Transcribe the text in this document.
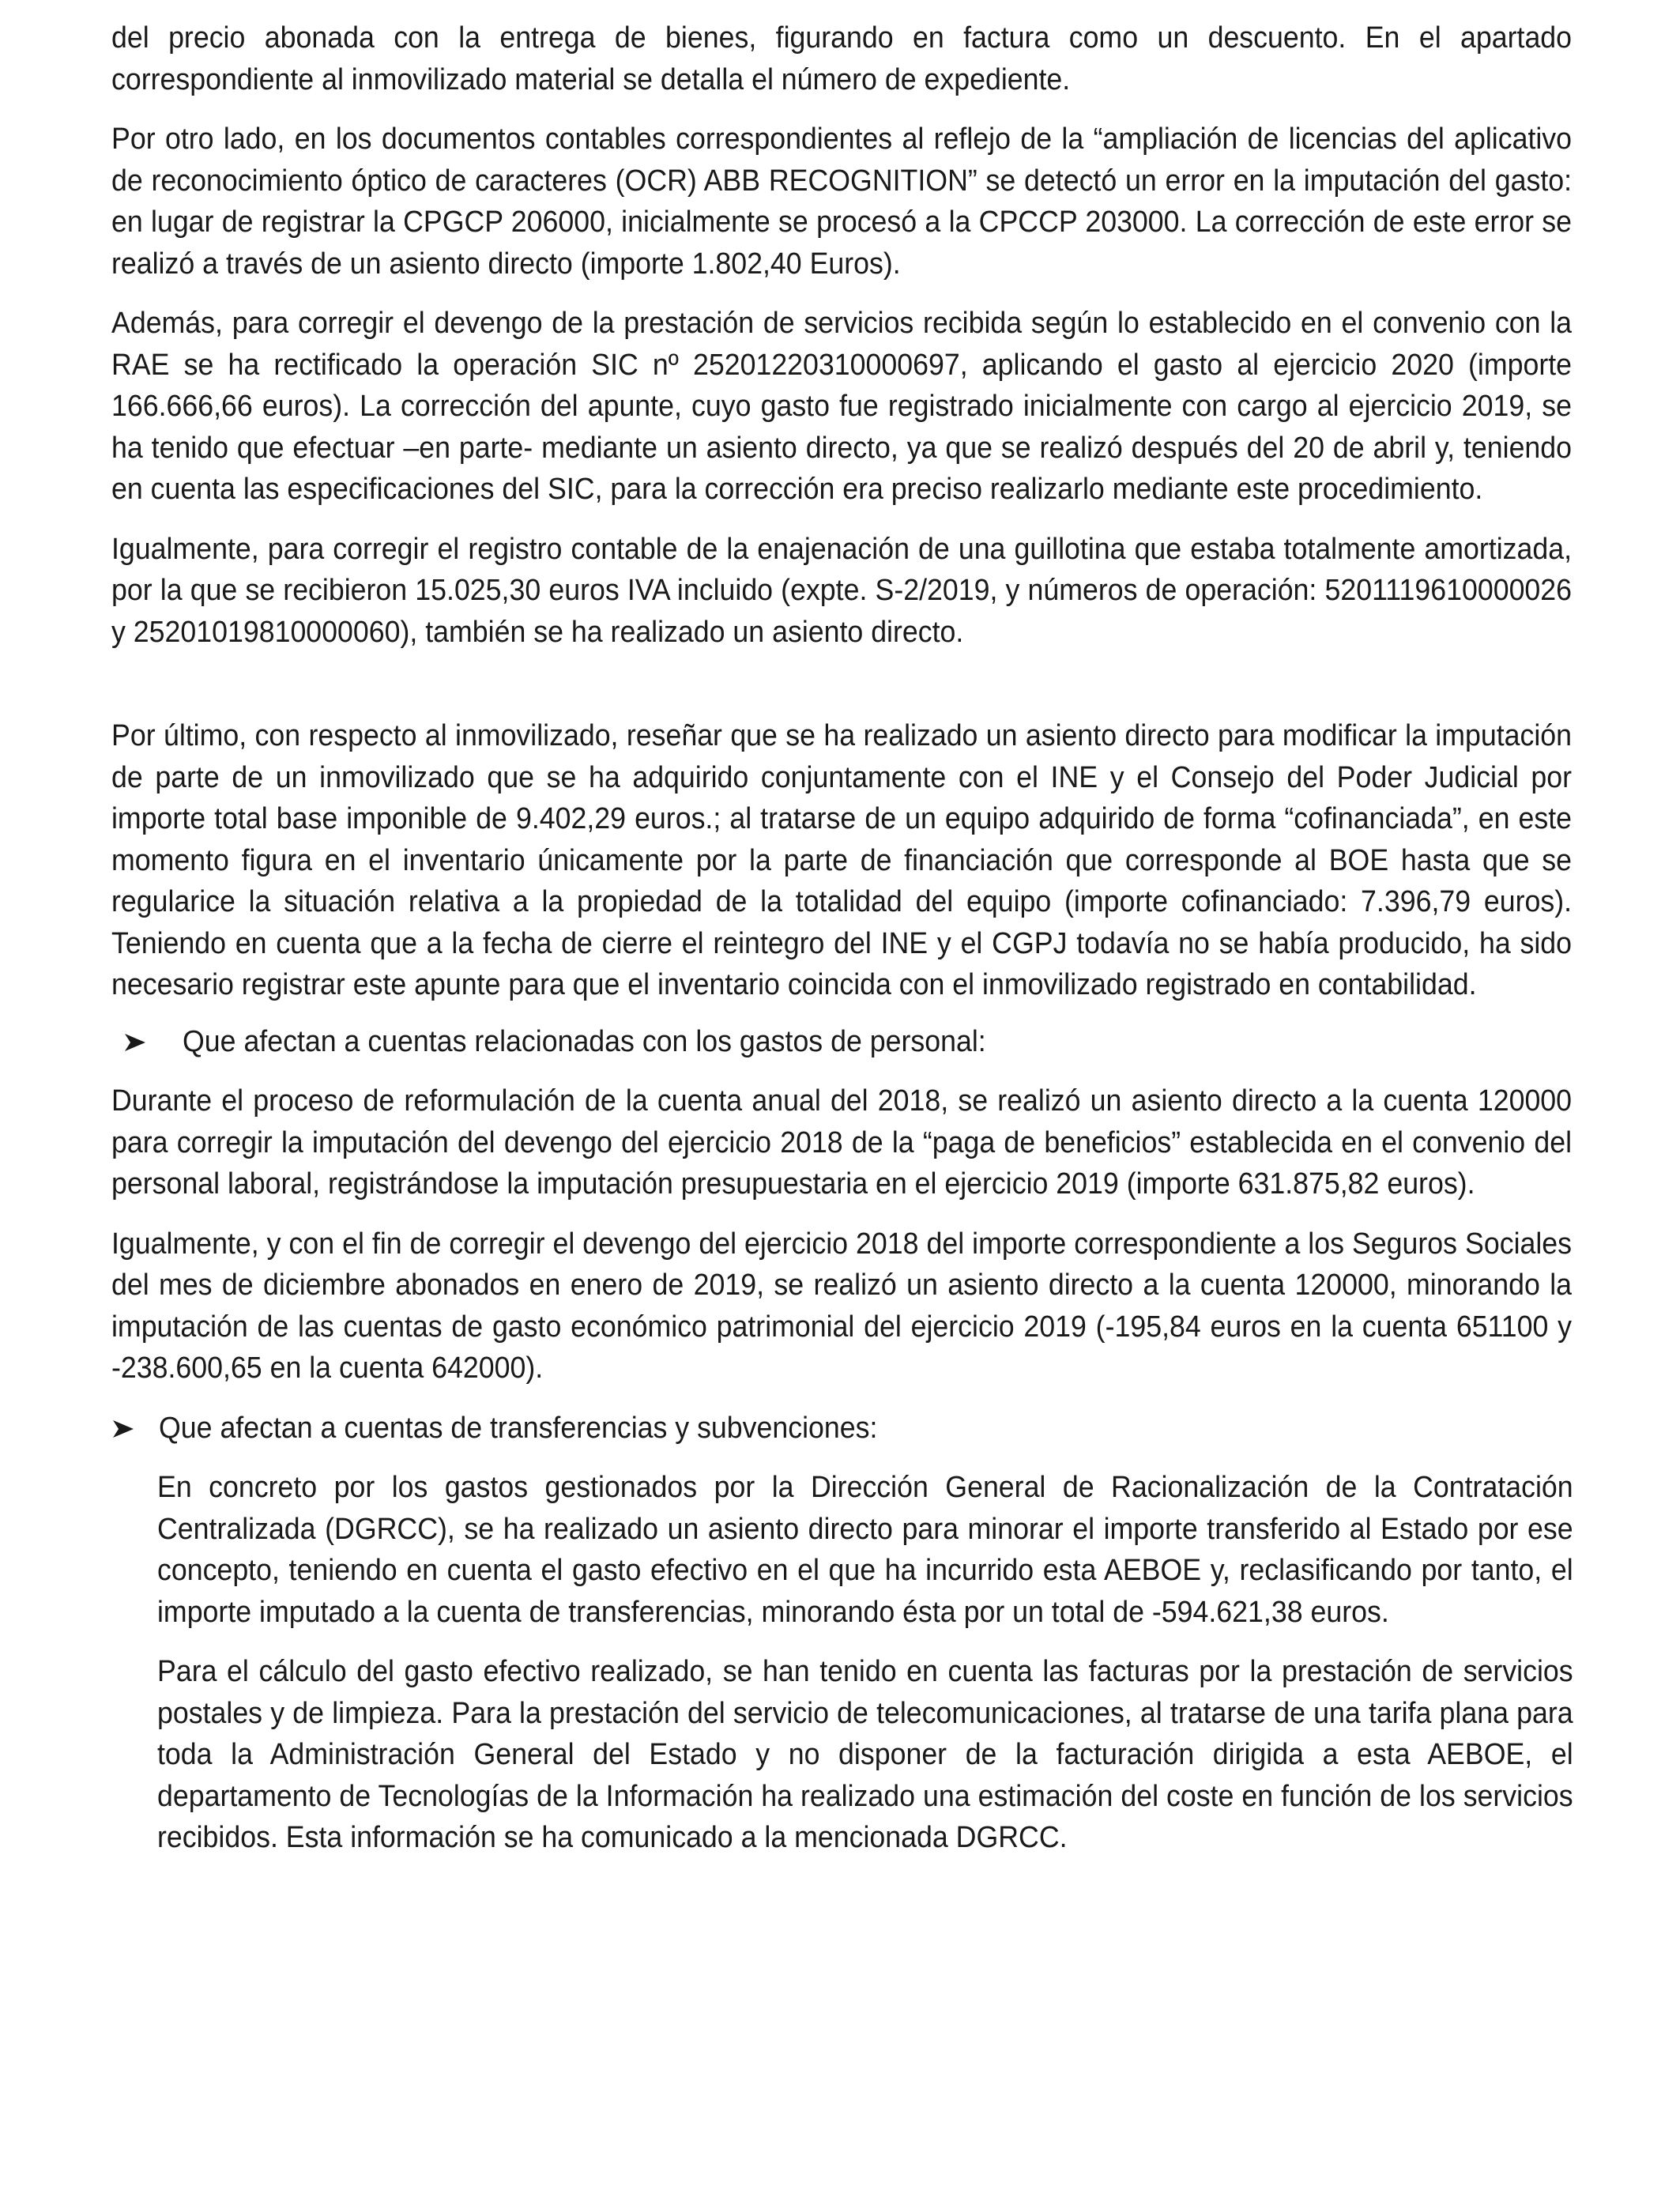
del precio abonada con la entrega de bienes, figurando en factura como un descuento. En el apartado correspondiente al inmovilizado material se detalla el número de expediente.

Por otro lado, en los documentos contables correspondientes al reflejo de la “ampliación de licencias del aplicativo de reconocimiento óptico de caracteres (OCR) ABB RECOGNITION” se detectó un error en la imputación del gasto: en lugar de registrar la CPGCP 206000, inicialmente se procesó a la CPCCP 203000. La corrección de este error se realizó a través de un asiento directo (importe 1.802,40 Euros).

Además, para corregir el devengo de la prestación de servicios recibida según lo establecido en el convenio con la RAE se ha rectificado la operación SIC nº 25201220310000697, aplicando el gasto al ejercicio 2020 (importe 166.666,66 euros). La corrección del apunte, cuyo gasto fue registrado inicialmente con cargo al ejercicio 2019, se ha tenido que efectuar –en parte- mediante un asiento directo, ya que se realizó después del 20 de abril y, teniendo en cuenta las especificaciones del SIC, para la corrección era preciso realizarlo mediante este procedimiento.

Igualmente, para corregir el registro contable de la enajenación de una guillotina que estaba totalmente amortizada, por la que se recibieron 15.025,30 euros IVA incluido (expte. S-2/2019, y números de operación: 5201119610000026 y 25201019810000060), también se ha realizado un asiento directo.

Por último, con respecto al inmovilizado, reseñar que se ha realizado un asiento directo para modificar la imputación de parte de un inmovilizado que se ha adquirido conjuntamente con el INE y el Consejo del Poder Judicial por importe total base imponible de 9.402,29 euros.; al tratarse de un equipo adquirido de forma “cofinanciada”, en este momento figura en el inventario únicamente por la parte de financiación que corresponde al BOE hasta que se regularice la situación relativa a la propiedad de la totalidad del equipo (importe cofinanciado: 7.396,79 euros). Teniendo en cuenta que a la fecha de cierre el reintegro del INE y el CGPJ todavía no se había producido, ha sido necesario registrar este apunte para que el inventario coincida con el inmovilizado registrado en contabilidad.

Que afectan a cuentas relacionadas con los gastos de personal:

Durante el proceso de reformulación de la cuenta anual del 2018, se realizó un asiento directo a la cuenta 120000 para corregir la imputación del devengo del ejercicio 2018 de la “paga de beneficios” establecida en el convenio del personal laboral, registrándose la imputación presupuestaria en el ejercicio 2019 (importe 631.875,82 euros).

Igualmente, y con el fin de corregir el devengo del ejercicio 2018 del importe correspondiente a los Seguros Sociales del mes de diciembre abonados en enero de 2019, se realizó un asiento directo a la cuenta 120000, minorando la imputación de las cuentas de gasto económico patrimonial del ejercicio 2019 (-195,84 euros en la cuenta 651100 y -238.600,65 en la cuenta 642000).

Que afectan a cuentas de transferencias y subvenciones:

En concreto por los gastos gestionados por la Dirección General de Racionalización de la Contratación Centralizada (DGRCC), se ha realizado un asiento directo para minorar el importe transferido al Estado por ese concepto, teniendo en cuenta el gasto efectivo en el que ha incurrido esta AEBOE y, reclasificando por tanto, el importe imputado a la cuenta de transferencias, minorando ésta por un total de -594.621,38 euros.

Para el cálculo del gasto efectivo realizado, se han tenido en cuenta las facturas por la prestación de servicios postales y de limpieza. Para la prestación del servicio de telecomunicaciones, al tratarse de una tarifa plana para toda la Administración General del Estado y no disponer de la facturación dirigida a esta AEBOE, el departamento de Tecnologías de la Información ha realizado una estimación del coste en función de los servicios recibidos. Esta información se ha comunicado a la mencionada DGRCC.
